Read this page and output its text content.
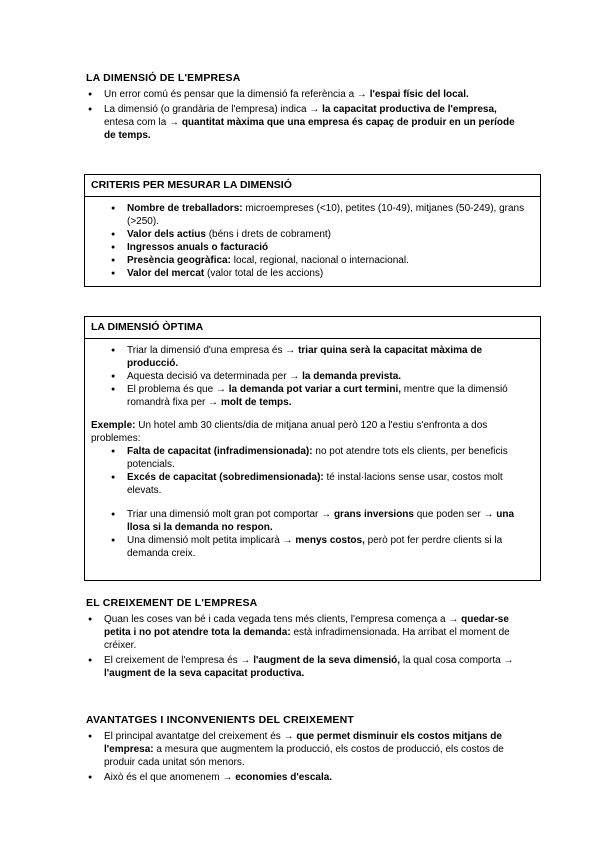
LA DIMENSIÓ DE L'EMPRESA
● Un error comú és pensar que la dimensió fa referència a → l'espai físic del local.
● La dimensió (o grandària de l'empresa) indica → la capacitat productiva de l'empresa, entesa com la → quantitat màxima que una empresa és capaç de produir en un període de temps.
CRITERIS PER MESURAR LA DIMENSIÓ
● Nombre de treballadors: microempreses (<10), petites (10-49), mitjanes (50-249), grans (>250).
● Valor dels actius (béns i drets de cobrament)
● Ingressos anuals o facturació
● Presència geogràfica: local, regional, nacional o internacional.
● Valor del mercat (valor total de les accions)
LA DIMENSIÓ ÒPTIMA
● Triar la dimensió d'una empresa és → triar quina serà la capacitat màxima de producció.
● Aquesta decisió va determinada per → la demanda prevista.
● El problema és que → la demanda pot variar a curt termini, mentre que la dimensió romandrà fixa per → molt de temps.
Exemple: Un hotel amb 30 clients/dia de mitjana anual però 120 a l'estiu s'enfronta a dos problemes:
● Falta de capacitat (infradimensionada): no pot atendre tots els clients, per beneficis potencials.
● Excés de capacitat (sobredimensionada): té instal·lacions sense usar, costos molt elevats.
● Triar una dimensió molt gran pot comportar → grans inversions que poden ser → una llosa si la demanda no respon.
● Una dimensió molt petita implicarà → menys costos, però pot fer perdre clients si la demanda creix.
EL CREIXEMENT DE L'EMPRESA
● Quan les coses van bé i cada vegada tens més clients, l'empresa comença a → quedar-se petita i no pot atendre tota la demanda: està infradimensionada. Ha arribat el moment de créixer.
● El creixement de l'empresa és → l'augment de la seva dimensió, la qual cosa comporta → l'augment de la seva capacitat productiva.
AVANTATGES I INCONVENIENTS DEL CREIXEMENT
● El principal avantatge del creixement és → que permet disminuir els costos mitjans de l'empresa: a mesura que augmentem la producció, els costos de producció, els costos de produir cada unitat són menors.
● Això és el que anomenem → economies d'escala.
